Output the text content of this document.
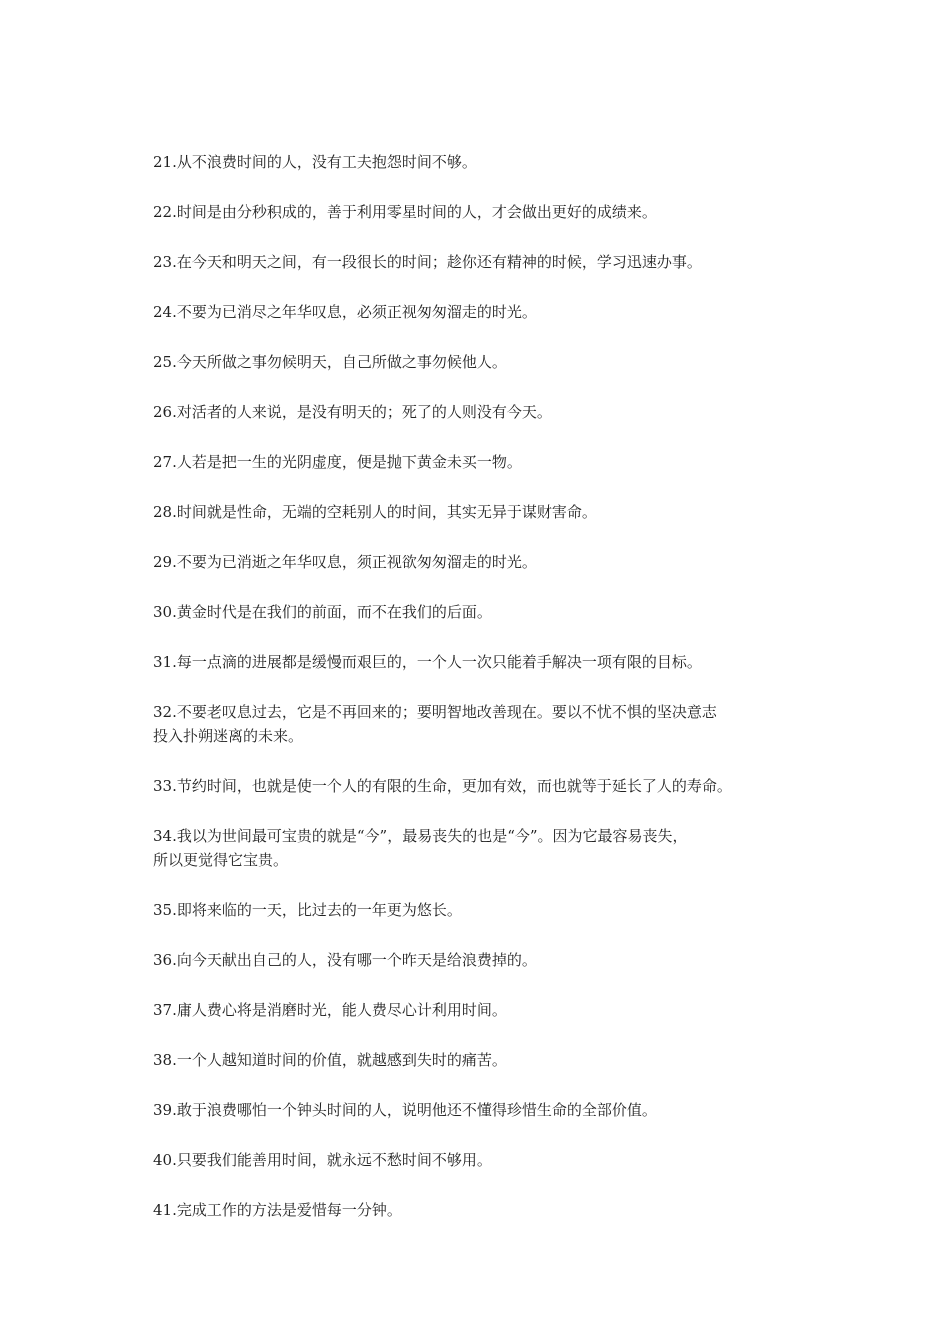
21.从不浪费时间的人，没有工夫抱怨时间不够。

22.时间是由分秒积成的，善于利用零星时间的人，才会做出更好的成绩来。

23.在今天和明天之间，有一段很长的时间；趁你还有精神的时候，学习迅速办事。

24.不要为已消尽之年华叹息，必须正视匆匆溜走的时光。

25.今天所做之事勿候明天，自己所做之事勿候他人。

26.对活者的人来说，是没有明天的；死了的人则没有今天。

27.人若是把一生的光阴虚度，便是抛下黄金未买一物。

28.时间就是性命，无端的空耗别人的时间，其实无异于谋财害命。

29.不要为已消逝之年华叹息，须正视欲匆匆溜走的时光。

30.黄金时代是在我们的前面，而不在我们的后面。

31.每一点滴的进展都是缓慢而艰巨的，一个人一次只能着手解决一项有限的目标。

32.不要老叹息过去，它是不再回来的；要明智地改善现在。要以不忧不惧的坚决意志
投入扑朔迷离的未来。

33.节约时间，也就是使一个人的有限的生命，更加有效，而也就等于延长了人的寿命。

34.我以为世间最可宝贵的就是“今”，最易丧失的也是“今”。因为它最容易丧失，
所以更觉得它宝贵。

35.即将来临的一天，比过去的一年更为悠长。

36.向今天献出自己的人，没有哪一个昨天是给浪费掉的。

37.庸人费心将是消磨时光，能人费尽心计利用时间。

38.一个人越知道时间的价值，就越感到失时的痛苦。

39.敢于浪费哪怕一个钟头时间的人，说明他还不懂得珍惜生命的全部价值。

40.只要我们能善用时间，就永远不愁时间不够用。

41.完成工作的方法是爱惜每一分钟。
